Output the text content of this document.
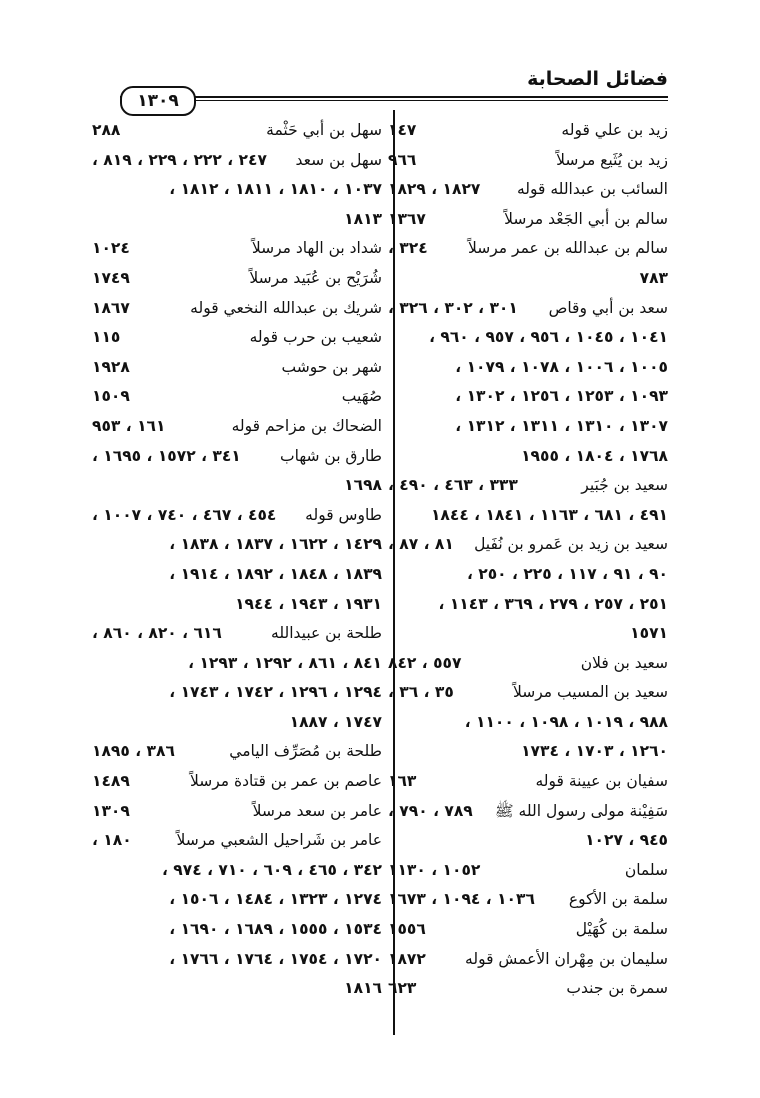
فضائل الصحابة
١٣٠٩
زيد بن علي قوله
١٤٧
زيد بن يُثَيع مرسلاً
٩٦٦
السائب بن عبدالله قوله
١٨٢٧ ، ١٨٢٩
سالم بن أبي الجَعْد مرسلاً
١٣٦٧
سالم بن عبدالله بن عمر مرسلاً
٣٢٤ ،
٧٨٣
سعد بن أبي وقاص
٣٠١ ، ٣٠٢ ، ٣٢٦ ،
١٠٤١ ، ١٠٤٥ ، ٩٥٦ ، ٩٥٧ ، ٩٦٠ ،
١٠٠٥ ، ١٠٠٦ ، ١٠٧٨ ، ١٠٧٩ ،
١٠٩٣ ، ١٢٥٣ ، ١٢٥٦ ، ١٣٠٢ ،
١٣٠٧ ، ١٣١٠ ، ١٣١١ ، ١٣١٢ ،
١٧٦٨ ، ١٨٠٤ ، ١٩٥٥
سعيد بن جُبَير
٣٣٣ ، ٤٦٣ ، ٤٩٠ ،
٤٩١ ، ٦٨١ ، ١١٦٣ ، ١٨٤١ ، ١٨٤٤
سعيد بن زيد بن عَمرو بن نُفَيل
٨١ ، ٨٧ ،
٩٠ ، ٩١ ، ١١٧ ، ٢٢٥ ، ٢٥٠ ،
٢٥١ ، ٢٥٧ ، ٢٧٩ ، ٣٦٩ ، ١١٤٣ ،
١٥٧١
سعيد بن فلان
٥٥٧ ، ٨٤٢
سعيد بن المسيب مرسلاً
٣٥ ، ٣٦ ،
٩٨٨ ، ١٠١٩ ، ١٠٩٨ ، ١١٠٠ ،
١٢٦٠ ، ١٧٠٣ ، ١٧٣٤
سفيان بن عيينة قوله
١٦٣
سَفِيْنة مولى رسول الله ﷺ
٧٨٩ ، ٧٩٠ ،
٩٤٥ ، ١٠٢٧
سلمان
١٠٥٢ ، ١١٣٠
سلمة بن الأكوع
١٠٣٦ ، ١٠٩٤ ، ١٦٧٣
سلمة بن كُهَيْل
١٥٥٦
سليمان بن مِهْران الأعمش قوله
١٨٧٢
سمرة بن جندب
٦٢٣
سهل بن أبي حَثْمة
٢٨٨
سهل بن سعد
٢٤٧ ، ٢٢٢ ، ٢٢٩ ، ٨١٩ ،
١٠٣٧ ، ١٨١٠ ، ١٨١١ ، ١٨١٢ ،
١٨١٣
شداد بن الهاد مرسلاً
١٠٢٤
شُرَيْح بن عُبَيد مرسلاً
١٧٤٩
شريك بن عبدالله النخعي قوله
١٨٦٧
شعيب بن حرب قوله
١١٥
شهر بن حوشب
١٩٢٨
صُهَيب
١٥٠٩
الضحاك بن مزاحم قوله
١٦١ ، ٩٥٣
طارق بن شهاب
٣٤١ ، ١٥٧٢ ، ١٦٩٥ ،
١٦٩٨
طاوس قوله
٤٥٤ ، ٤٦٧ ، ٧٤٠ ، ١٠٠٧ ،
١٤٢٩ ، ١٦٢٢ ، ١٨٣٧ ، ١٨٣٨ ،
١٨٣٩ ، ١٨٤٨ ، ١٨٩٢ ، ١٩١٤ ،
١٩٣١ ، ١٩٤٣ ، ١٩٤٤
طلحة بن عبيدالله
٦١٦ ، ٨٢٠ ، ٨٦٠ ،
٨٤١ ، ٨٦١ ، ١٢٩٢ ، ١٢٩٣ ،
١٢٩٤ ، ١٢٩٦ ، ١٧٤٢ ، ١٧٤٣ ،
١٧٤٧ ، ١٨٨٧
طلحة بن مُصَرِّف اليامي
٣٨٦ ، ١٨٩٥
عاصم بن عمر بن قتادة مرسلاً
١٤٨٩
عامر بن سعد مرسلاً
١٣٠٩
عامر بن شَراحيل الشعبي مرسلاً
١٨٠ ،
٣٤٢ ، ٤٦٥ ، ٦٠٩ ، ٧١٠ ، ٩٧٤ ،
١٢٧٤ ، ١٣٢٣ ، ١٤٨٤ ، ١٥٠٦ ،
١٥٣٤ ، ١٥٥٥ ، ١٦٨٩ ، ١٦٩٠ ،
١٧٢٠ ، ١٧٥٤ ، ١٧٦٤ ، ١٧٦٦ ،
١٨١٦
